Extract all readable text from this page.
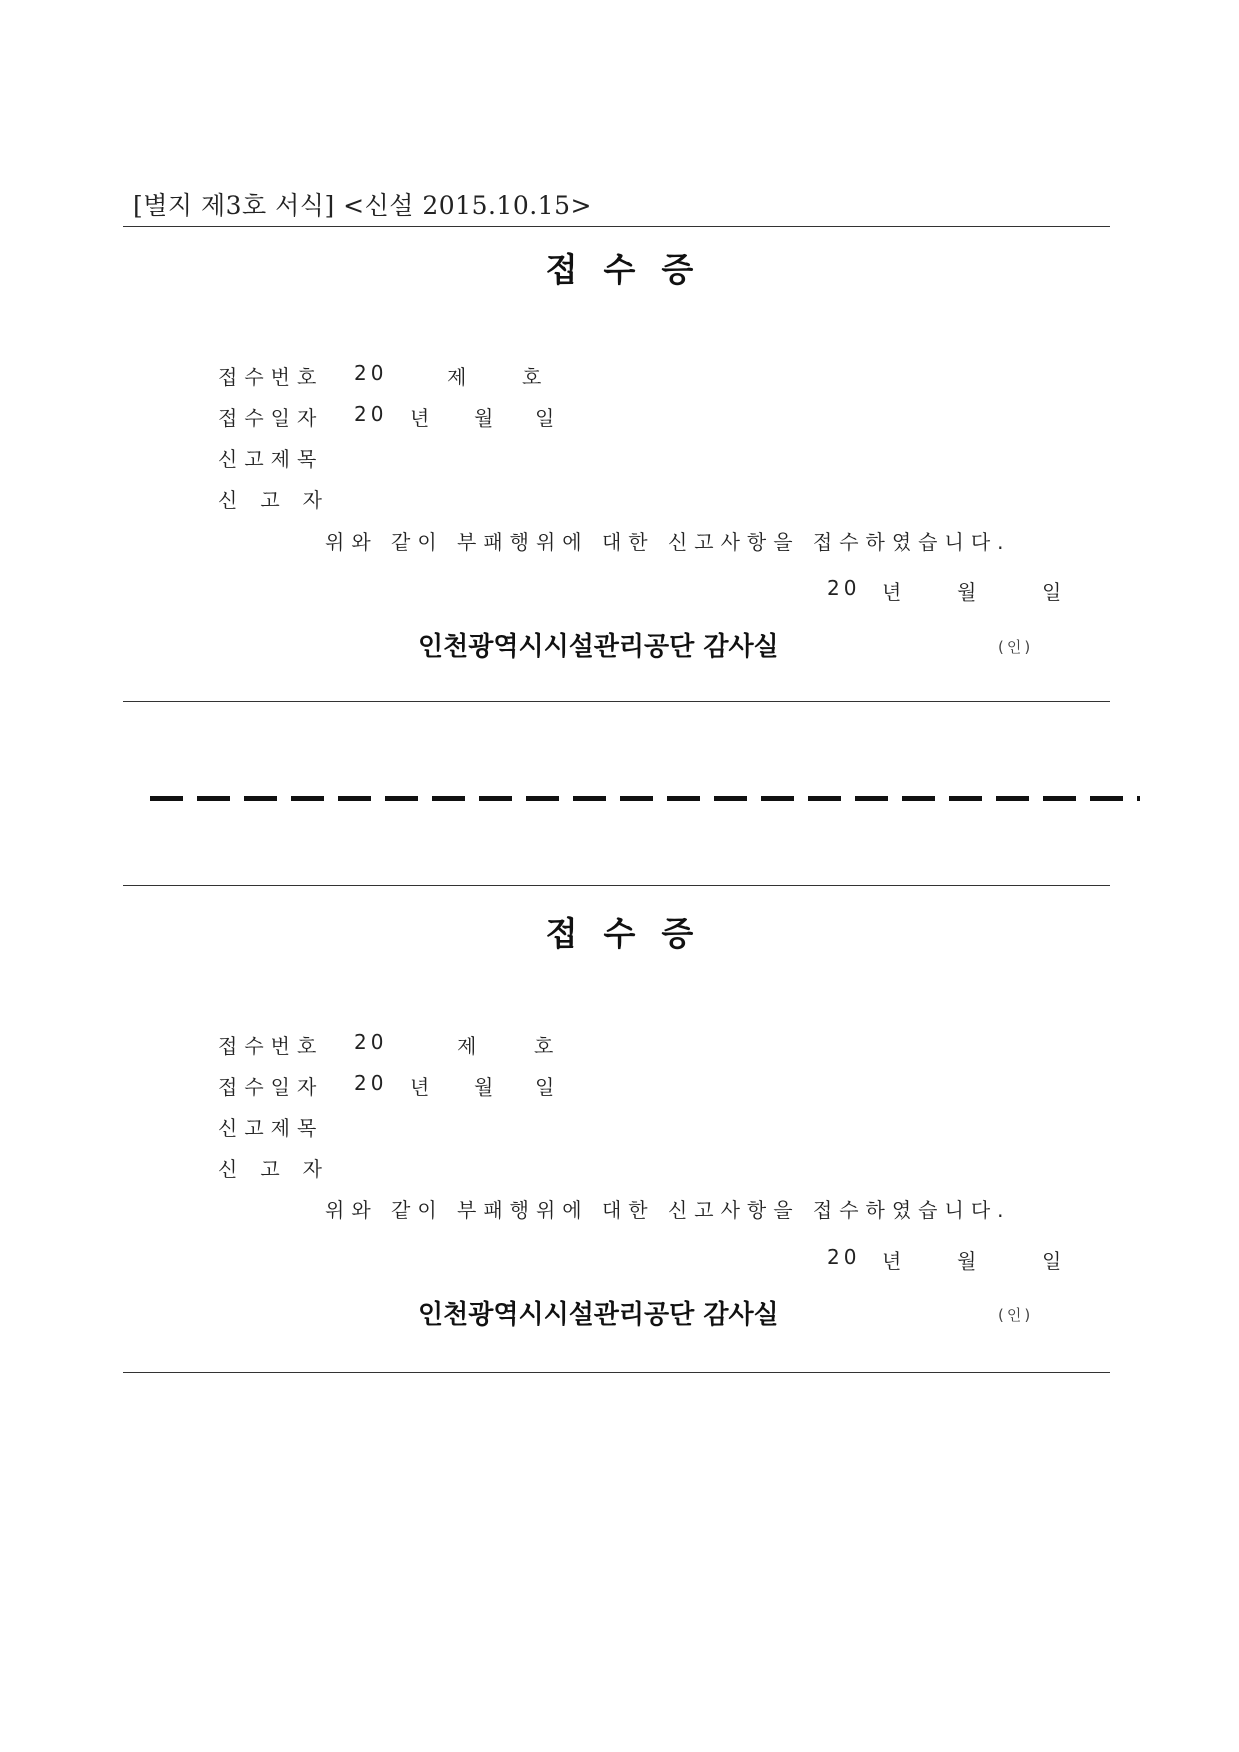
[별지 제3호 서식] <신설 2015.10.15>
접수증
접수번호 20	제	호
접수일자 20 년 월 일
신고제목
신고자
위와 같이 부패행위에 대한 신고사항을 접수하였습니다.
20 년	월	일
인천광역시시설관리공단 감사실	(인)
접수증
접수번호 20	제	호
접수일자 20 년 월 일
신고제목
신고자
위와 같이 부패행위에 대한 신고사항을 접수하였습니다.
20 년	월	일
인천광역시시설관리공단 감사실	(인)
